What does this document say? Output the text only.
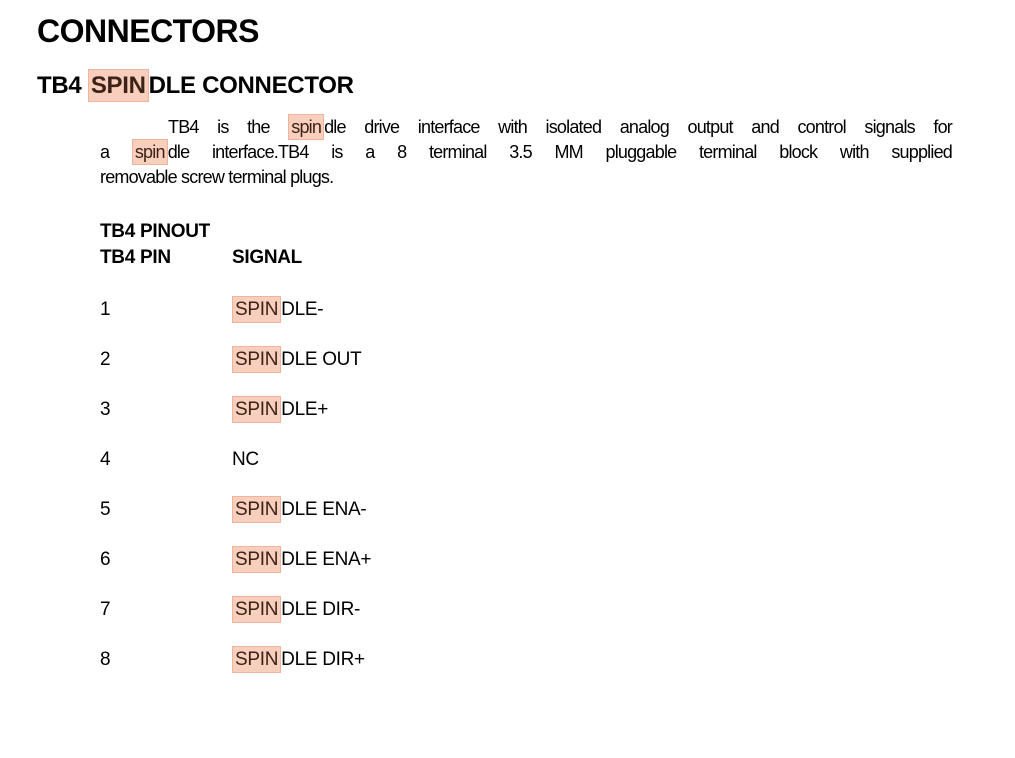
CONNECTORS
TB4 SPIN DLE CONNECTOR
TB4 is the spin dle drive interface with isolated analog output and control signals for
a spin dle interface.TB4 is a 8 terminal 3.5 MM pluggable terminal block with supplied
removable screw terminal plugs.
TB4 PINOUT
TB4 PIN	SIGNAL
1	SPIN DLE-
2	SPIN DLE OUT
3	SPIN DLE+
4	NC
5	SPIN DLE ENA-
6	SPIN DLE ENA+
7	SPIN DLE DIR-
8	SPIN DLE DIR+
